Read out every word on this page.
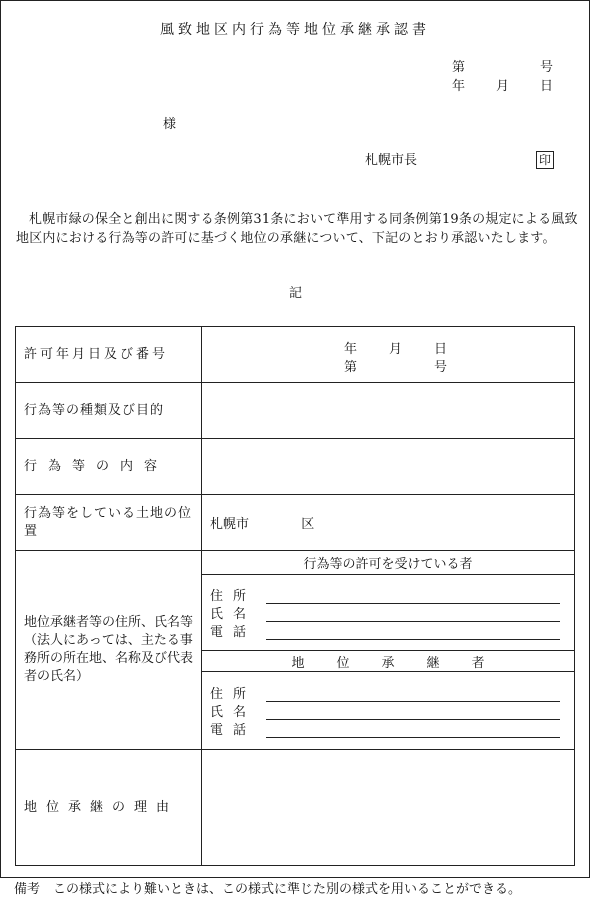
風致地区内行為等地位承継承認書
第	号
年 月 日
様
札幌市長	印
札幌市緑の保全と創出に関する条例第31条において準用する同条例第19条の規定による風致地区内における行為等の許可に基づく地位の承継について、下記のとおり承認いたします。
記
許可年月日及び番号	年 月 日
第 号

行為等の種類及び目的	
行為等の内容	
行為等をしている土地の位置	札幌市 区
地位承継者等の住所、氏名等（法人にあっては、主たる事務所の所在地、名称及び代表者の氏名）	行為等の許可を受けている者

	住所
氏名
電話

	地位承継者

	住所
氏名
電話

地位承継の理由	
備考　この様式により難いときは、この様式に準じた別の様式を用いることができる。
